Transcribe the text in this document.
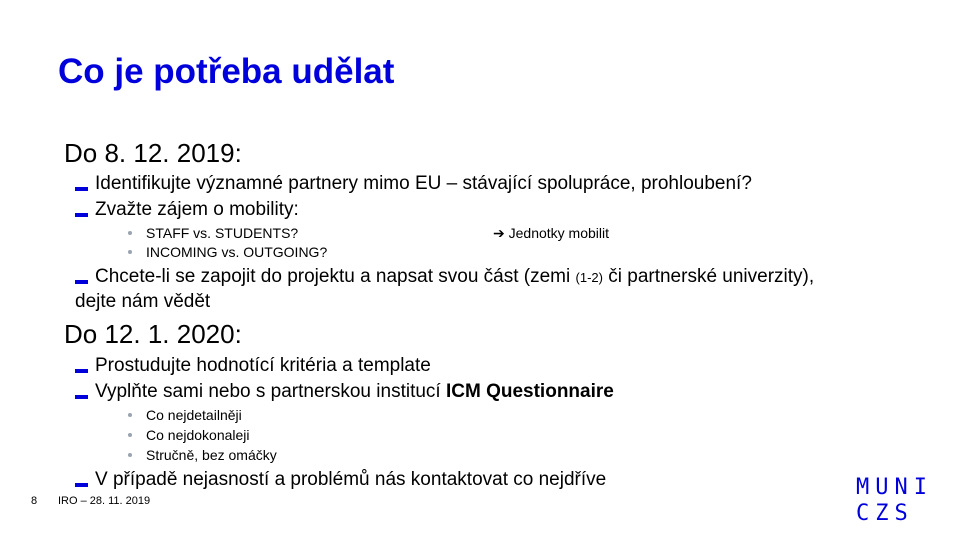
Co je potřeba udělat
Do 8. 12. 2019:
Identifikujte významné partnery mimo EU – stávající spolupráce, prohloubení?
Zvažte zájem o mobility:
STAFF vs. STUDENTS?
INCOMING vs. OUTGOING?
➔ Jednotky mobilit
Chcete-li se zapojit do projektu a napsat svou část (zemi (1-2) či partnerské univerzity), dejte nám vědět
Do 12. 1. 2020:
Prostudujte hodnotící kritéria a template
Vyplňte sami nebo s partnerskou institucí ICM Questionnaire
Co nejdetailněji
Co nejdokonaleji
Stručně, bez omáčky
V případě nejasností a problémů nás kontaktovat co nejdříve
8 IRO – 28. 11. 2019
MUNI
CZS
